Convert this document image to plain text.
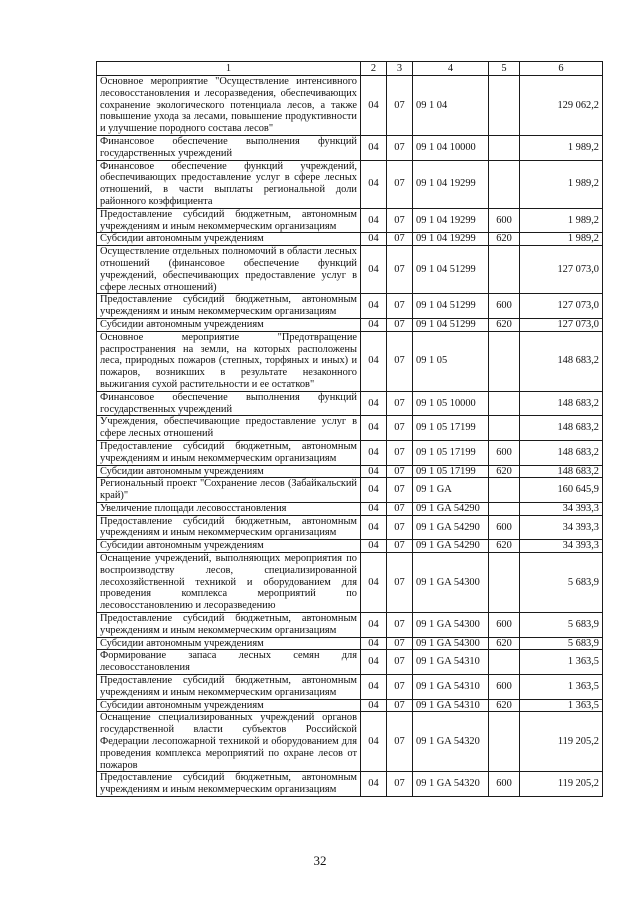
1	2	3	4	5	6
Основное мероприятие "Осуществление интенсивного лесовосстановления и лесоразведения, обеспечивающих сохранение экологического потенциала лесов, а также повышение ухода за лесами, повышение продуктивности и улучшение породного состава лесов"	04	07	09 1 04		129 062,2
Финансовое обеспечение выполнения функций государственных учреждений	04	07	09 1 04 10000		1 989,2
Финансовое обеспечение функций учреждений, обеспечивающих предоставление услуг в сфере лесных отношений, в части выплаты региональной доли районного коэффициента	04	07	09 1 04 19299		1 989,2
Предоставление субсидий бюджетным, автономным учреждениям и иным некоммерческим организациям	04	07	09 1 04 19299	600	1 989,2
Субсидии автономным учреждениям	04	07	09 1 04 19299	620	1 989,2
Осуществление отдельных полномочий в области лесных отношений (финансовое обеспечение функций учреждений, обеспечивающих предоставление услуг в сфере лесных отношений)	04	07	09 1 04 51299		127 073,0
Предоставление субсидий бюджетным, автономным учреждениям и иным некоммерческим организациям	04	07	09 1 04 51299	600	127 073,0
Субсидии автономным учреждениям	04	07	09 1 04 51299	620	127 073,0
Основное мероприятие "Предотвращение распространения на земли, на которых расположены леса, природных пожаров (степных, торфяных и иных) и пожаров, возникших в результате незаконного выжигания сухой растительности и ее остатков"	04	07	09 1 05		148 683,2
Финансовое обеспечение выполнения функций государственных учреждений	04	07	09 1 05 10000		148 683,2
Учреждения, обеспечивающие предоставление услуг в сфере лесных отношений	04	07	09 1 05 17199		148 683,2
Предоставление субсидий бюджетным, автономным учреждениям и иным некоммерческим организациям	04	07	09 1 05 17199	600	148 683,2
Субсидии автономным учреждениям	04	07	09 1 05 17199	620	148 683,2
Региональный проект "Сохранение лесов (Забайкальский край)"	04	07	09 1 GA		160 645,9
Увеличение площади лесовосстановления	04	07	09 1 GA 54290		34 393,3
Предоставление субсидий бюджетным, автономным учреждениям и иным некоммерческим организациям	04	07	09 1 GA 54290	600	34 393,3
Субсидии автономным учреждениям	04	07	09 1 GA 54290	620	34 393,3
Оснащение учреждений, выполняющих мероприятия по воспроизводству лесов, специализированной лесохозяйственной техникой и оборудованием для проведения комплекса мероприятий по лесовосстановлению и лесоразведению	04	07	09 1 GA 54300		5 683,9
Предоставление субсидий бюджетным, автономным учреждениям и иным некоммерческим организациям	04	07	09 1 GA 54300	600	5 683,9
Субсидии автономным учреждениям	04	07	09 1 GA 54300	620	5 683,9
Формирование запаса лесных семян для лесовосстановления	04	07	09 1 GA 54310		1 363,5
Предоставление субсидий бюджетным, автономным учреждениям и иным некоммерческим организациям	04	07	09 1 GA 54310	600	1 363,5
Субсидии автономным учреждениям	04	07	09 1 GA 54310	620	1 363,5
Оснащение специализированных учреждений органов государственной власти субъектов Российской Федерации лесопожарной техникой и оборудованием для проведения комплекса мероприятий по охране лесов от пожаров	04	07	09 1 GA 54320		119 205,2
Предоставление субсидий бюджетным, автономным учреждениям и иным некоммерческим организациям	04	07	09 1 GA 54320	600	119 205,2
32
